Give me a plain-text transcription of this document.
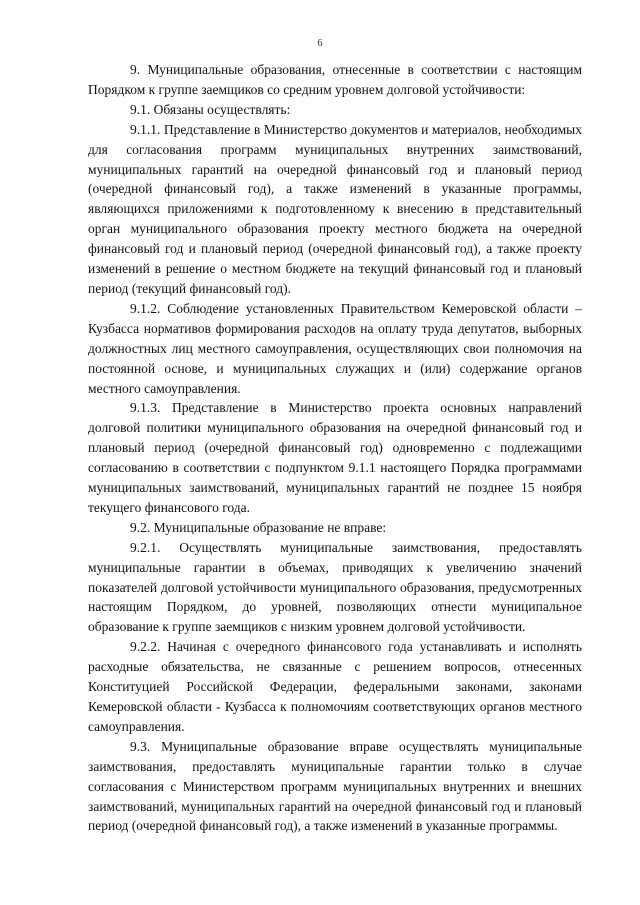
6

9. Муниципальные образования, отнесенные в соответствии с настоящим Порядком к группе заемщиков со средним уровнем долговой устойчивости:

9.1. Обязаны осуществлять:

9.1.1. Представление в Министерство документов и материалов, необходимых для согласования программ муниципальных внутренних заимствований, муниципальных гарантий на очередной финансовый год и плановый период (очередной финансовый год), а также изменений в указанные программы, являющихся приложениями к подготовленному к внесению в представительный орган муниципального образования проекту местного бюджета на очередной финансовый год и плановый период (очередной финансовый год), а также проекту изменений в решение о местном бюджете на текущий финансовый год и плановый период (текущий финансовый год).

9.1.2. Соблюдение установленных Правительством Кемеровской области – Кузбасса нормативов формирования расходов на оплату труда депутатов, выборных должностных лиц местного самоуправления, осуществляющих свои полномочия на постоянной основе, и муниципальных служащих и (или) содержание органов местного самоуправления.

9.1.3. Представление в Министерство проекта основных направлений долговой политики муниципального образования на очередной финансовый год и плановый период (очередной финансовый год) одновременно с подлежащими согласованию в соответствии с подпунктом 9.1.1 настоящего Порядка программами муниципальных заимствований, муниципальных гарантий не позднее 15 ноября текущего финансового года.

9.2. Муниципальные образование не вправе:

9.2.1. Осуществлять муниципальные заимствования, предоставлять муниципальные гарантии в объемах, приводящих к увеличению значений показателей долговой устойчивости муниципального образования, предусмотренных настоящим Порядком, до уровней, позволяющих отнести муниципальное образование к группе заемщиков с низким уровнем долговой устойчивости.

9.2.2. Начиная с очередного финансового года устанавливать и исполнять расходные обязательства, не связанные с решением вопросов, отнесенных Конституцией Российской Федерации, федеральными законами, законами Кемеровской области - Кузбасса к полномочиям соответствующих органов местного самоуправления.

9.3. Муниципальные образование вправе осуществлять муниципальные заимствования, предоставлять муниципальные гарантии только в случае согласования с Министерством программ муниципальных внутренних и внешних заимствований, муниципальных гарантий на очередной финансовый год и плановый период (очередной финансовый год), а также изменений в указанные программы.
